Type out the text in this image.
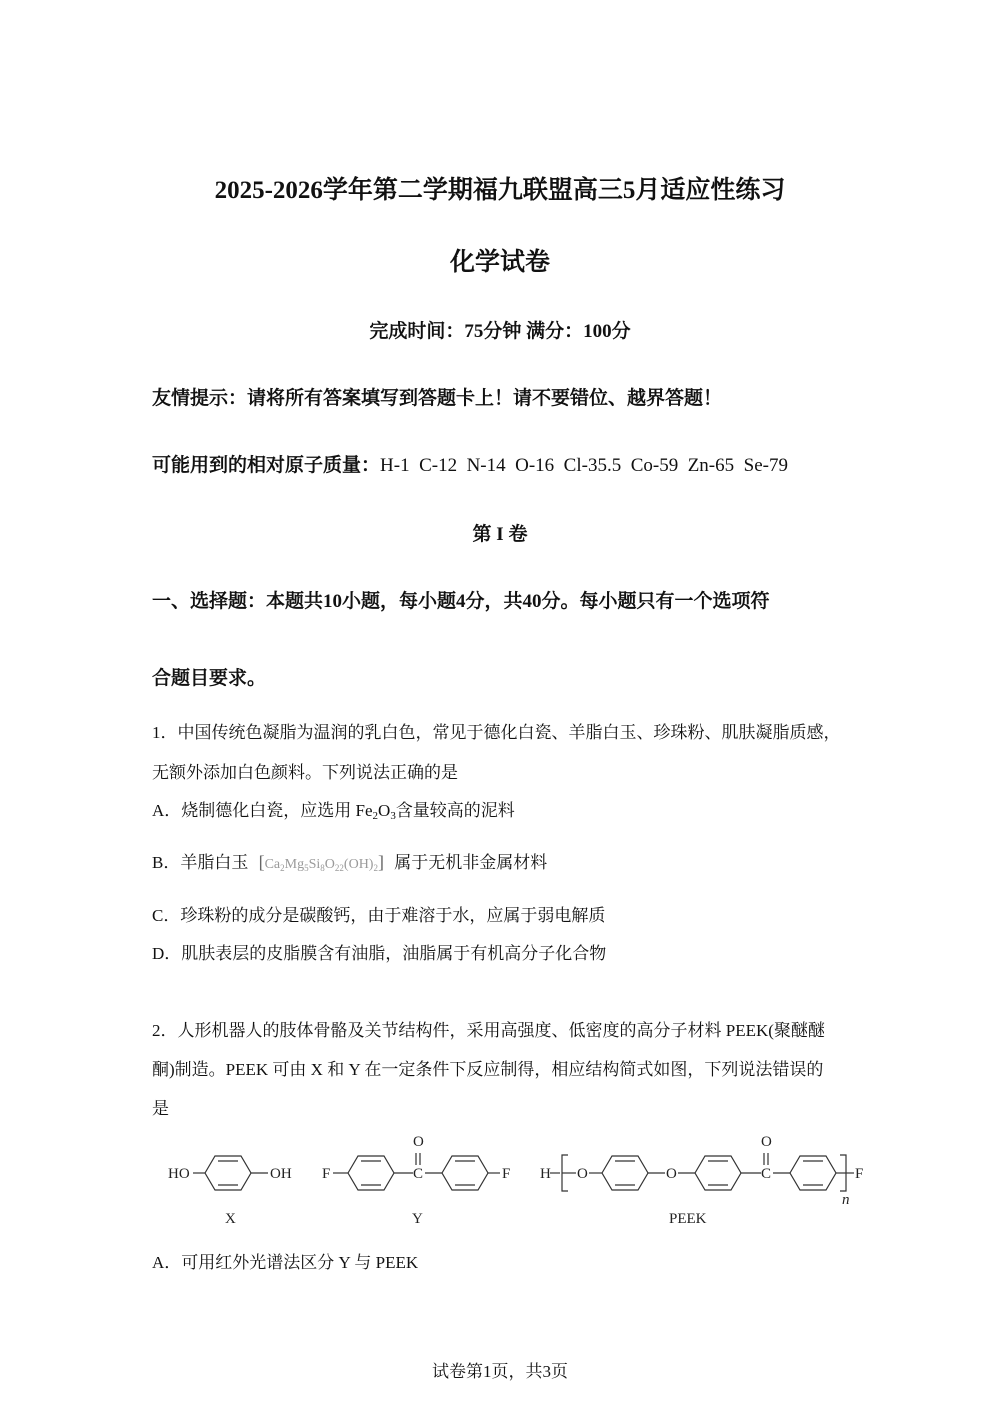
2025-2026学年第二学期福九联盟高三5月适应性练习
化学试卷
完成时间：75分钟 满分：100分
友情提示：请将所有答案填写到答题卡上！请不要错位、越界答题！
可能用到的相对原子质量：H-1  C-12  N-14  O-16  Cl-35.5  Co-59  Zn-65  Se-79
第 I 卷
一、选择题：本题共10小题，每小题4分，共40分。每小题只有一个选项符
合题目要求。
1．中国传统色凝脂为温润的乳白色，常见于德化白瓷、羊脂白玉、珍珠粉、肌肤凝脂质感，
无额外添加白色颜料。下列说法正确的是
A．烧制德化白瓷，应选用 $Fe_2O_3$含量较高的泥料
B．羊脂白玉 $[Ca_2Mg_5Si_8O_{22}(OH)_2]$ 属于无机非金属材料
C．珍珠粉的成分是碳酸钙，由于难溶于水，应属于弱电解质
D．肌肤表层的皮脂膜含有油脂，油脂属于有机高分子化合物
2．人形机器人的肢体骨骼及关节结构件，采用高强度、低密度的高分子材料 PEEK(聚醚醚
酮)制造。PEEK 可由 X 和 Y 在一定条件下反应制得，相应结构简式如图，下列说法错误的
是
HO	OH
X
F	C
O
F
Y
H O	O	C
O
n
F
PEEK
A．可用红外光谱法区分 Y 与 PEEK
试卷第1页，共3页
